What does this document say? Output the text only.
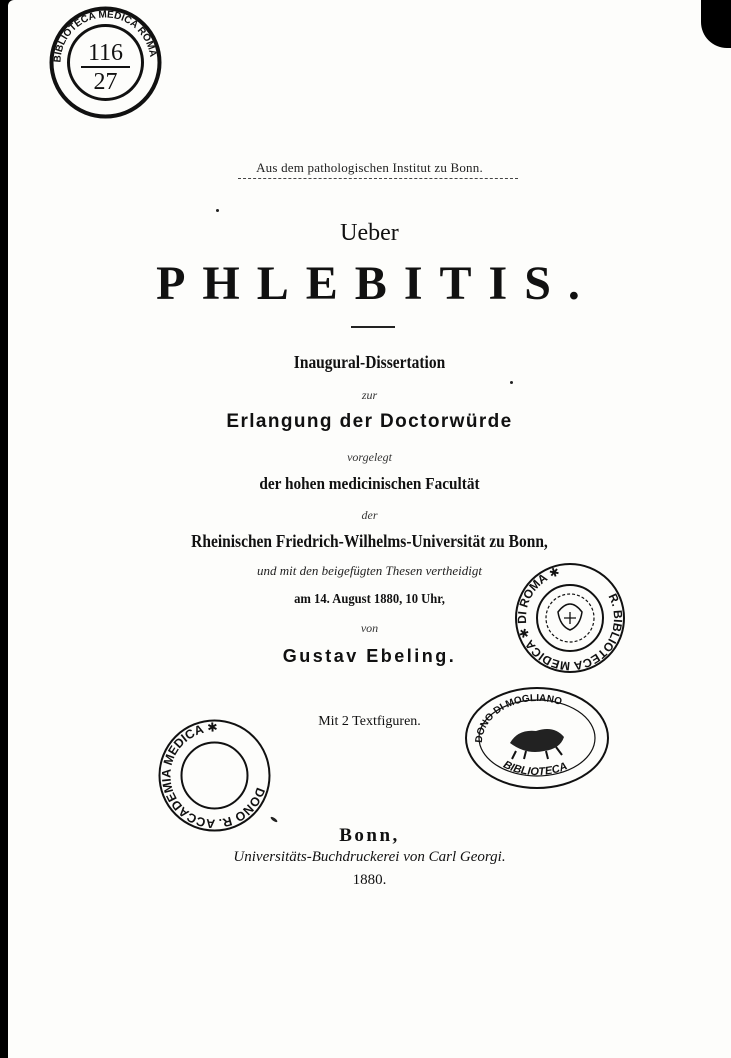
Aus dem pathologischen Institut zu Bonn.
Ueber
PHLEBITIS.
Inaugural-Dissertation
zur
Erlangung der Doctorwürde
vorgelegt
der hohen medicinischen Facultät
der
Rheinischen Friedrich-Wilhelms-Universität zu Bonn,
und mit den beigefügten Thesen vertheidigt
am 14. August 1880, 10 Uhr,
von
Gustav Ebeling.
Mit 2 Textfiguren.
Bonn,
Universitäts-Buchdruckerei von Carl Georgi.
1880.
BIBLIOTECA MEDICA ROMA
116
27
R. BIBLIOTECA MEDICA ✱ DI ROMA ✱
DONO R. ACCADEMIA MEDICA ✱
DONO DI MOGLIANO
BIBLIOTECA
